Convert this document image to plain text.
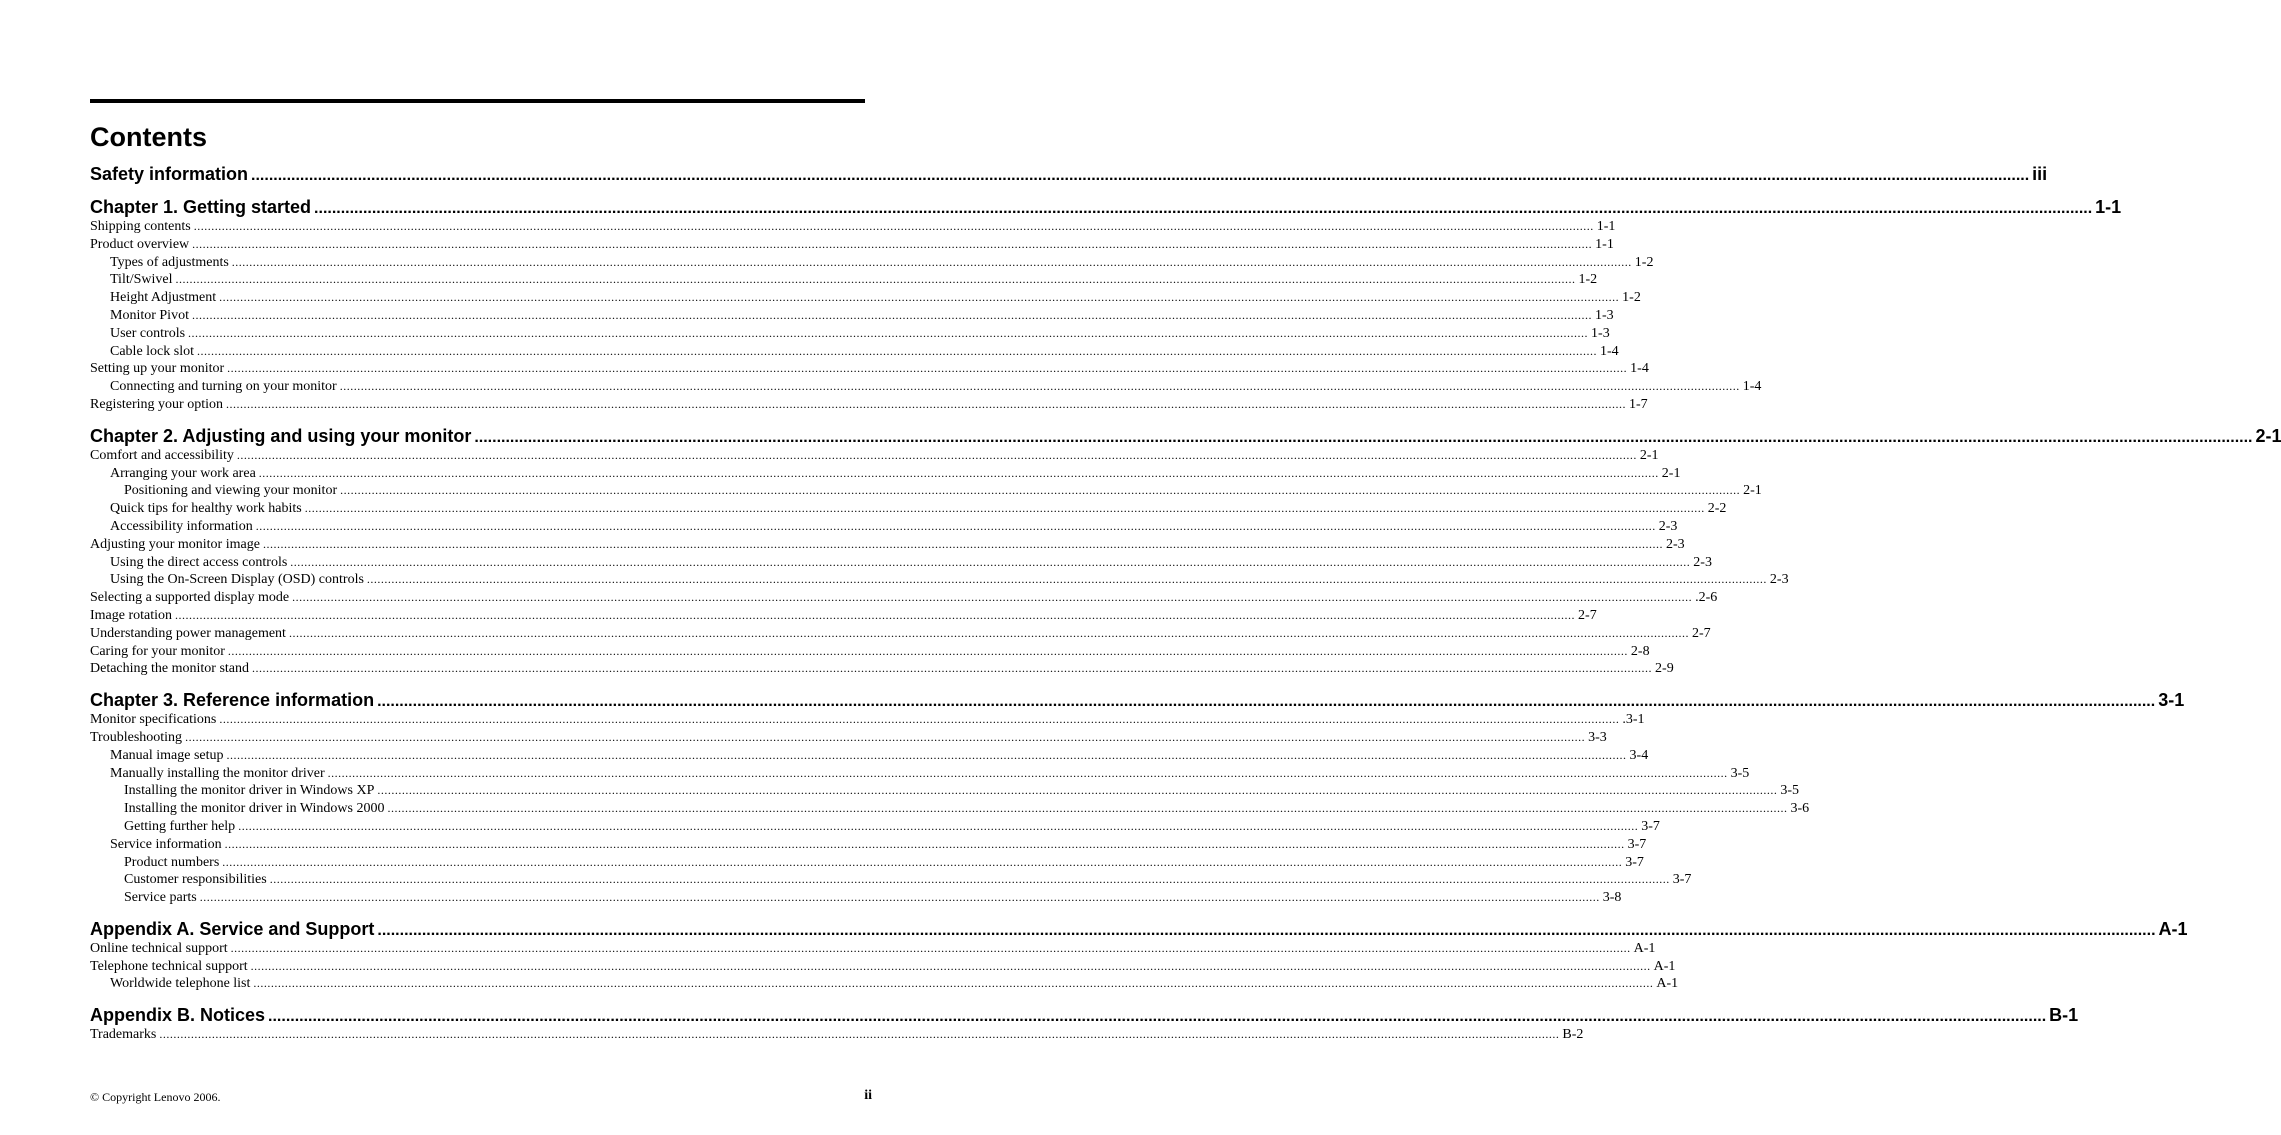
Contents
Safety information ................................................................................................................................................................................................................................................................................................................................................................................................................ iii
Chapter 1. Getting started ................................................................................................................................................................................................................................................................................................................................................................................................................ 1-1
Shipping contents ................................................................................................................................................................................................................................................................................................................................................................................................................ 1-1
Product overview ................................................................................................................................................................................................................................................................................................................................................................................................................ 1-1
Types of adjustments ................................................................................................................................................................................................................................................................................................................................................................................................................ 1-2
Tilt/Swivel ................................................................................................................................................................................................................................................................................................................................................................................................................ 1-2
Height Adjustment ................................................................................................................................................................................................................................................................................................................................................................................................................ 1-2
Monitor Pivot ................................................................................................................................................................................................................................................................................................................................................................................................................ 1-3
User controls ................................................................................................................................................................................................................................................................................................................................................................................................................ 1-3
Cable lock slot ................................................................................................................................................................................................................................................................................................................................................................................................................ 1-4
Setting up your monitor ................................................................................................................................................................................................................................................................................................................................................................................................................ 1-4
Connecting and turning on your monitor ................................................................................................................................................................................................................................................................................................................................................................................................................ 1-4
Registering your option ................................................................................................................................................................................................................................................................................................................................................................................................................ 1-7
Chapter 2. Adjusting and using your monitor ................................................................................................................................................................................................................................................................................................................................................................................................................ 2-1
Comfort and accessibility ................................................................................................................................................................................................................................................................................................................................................................................................................ 2-1
Arranging your work area ................................................................................................................................................................................................................................................................................................................................................................................................................ 2-1
Positioning and viewing your monitor ................................................................................................................................................................................................................................................................................................................................................................................................................ 2-1
Quick tips for healthy work habits ................................................................................................................................................................................................................................................................................................................................................................................................................ 2-2
Accessibility information ................................................................................................................................................................................................................................................................................................................................................................................................................ 2-3
Adjusting your monitor image ................................................................................................................................................................................................................................................................................................................................................................................................................ 2-3
Using the direct access controls ................................................................................................................................................................................................................................................................................................................................................................................................................ 2-3
Using the On-Screen Display (OSD) controls ................................................................................................................................................................................................................................................................................................................................................................................................................ 2-3
Selecting a supported display mode ................................................................................................................................................................................................................................................................................................................................................................................................................ .2-6
Image rotation ................................................................................................................................................................................................................................................................................................................................................................................................................ 2-7
Understanding power management ................................................................................................................................................................................................................................................................................................................................................................................................................ 2-7
Caring for your monitor ................................................................................................................................................................................................................................................................................................................................................................................................................ 2-8
Detaching the monitor stand ................................................................................................................................................................................................................................................................................................................................................................................................................ 2-9
Chapter 3. Reference information ................................................................................................................................................................................................................................................................................................................................................................................................................ 3-1
Monitor specifications ................................................................................................................................................................................................................................................................................................................................................................................................................ .3-1
Troubleshooting ................................................................................................................................................................................................................................................................................................................................................................................................................ 3-3
Manual image setup ................................................................................................................................................................................................................................................................................................................................................................................................................ 3-4
Manually installing the monitor driver ................................................................................................................................................................................................................................................................................................................................................................................................................ 3-5
Installing the monitor driver in Windows XP ................................................................................................................................................................................................................................................................................................................................................................................................................ 3-5
Installing the monitor driver in Windows 2000 ................................................................................................................................................................................................................................................................................................................................................................................................................ 3-6
Getting further help ................................................................................................................................................................................................................................................................................................................................................................................................................ 3-7
Service information ................................................................................................................................................................................................................................................................................................................................................................................................................ 3-7
Product numbers ................................................................................................................................................................................................................................................................................................................................................................................................................ 3-7
Customer responsibilities ................................................................................................................................................................................................................................................................................................................................................................................................................ 3-7
Service parts ................................................................................................................................................................................................................................................................................................................................................................................................................ 3-8
Appendix A. Service and Support ................................................................................................................................................................................................................................................................................................................................................................................................................ A-1
Online technical support ................................................................................................................................................................................................................................................................................................................................................................................................................ A-1
Telephone technical support ................................................................................................................................................................................................................................................................................................................................................................................................................ A-1
Worldwide telephone list ................................................................................................................................................................................................................................................................................................................................................................................................................ A-1
Appendix B. Notices ................................................................................................................................................................................................................................................................................................................................................................................................................ B-1
Trademarks ................................................................................................................................................................................................................................................................................................................................................................................................................ B-2
© Copyright Lenovo 2006.	ii
